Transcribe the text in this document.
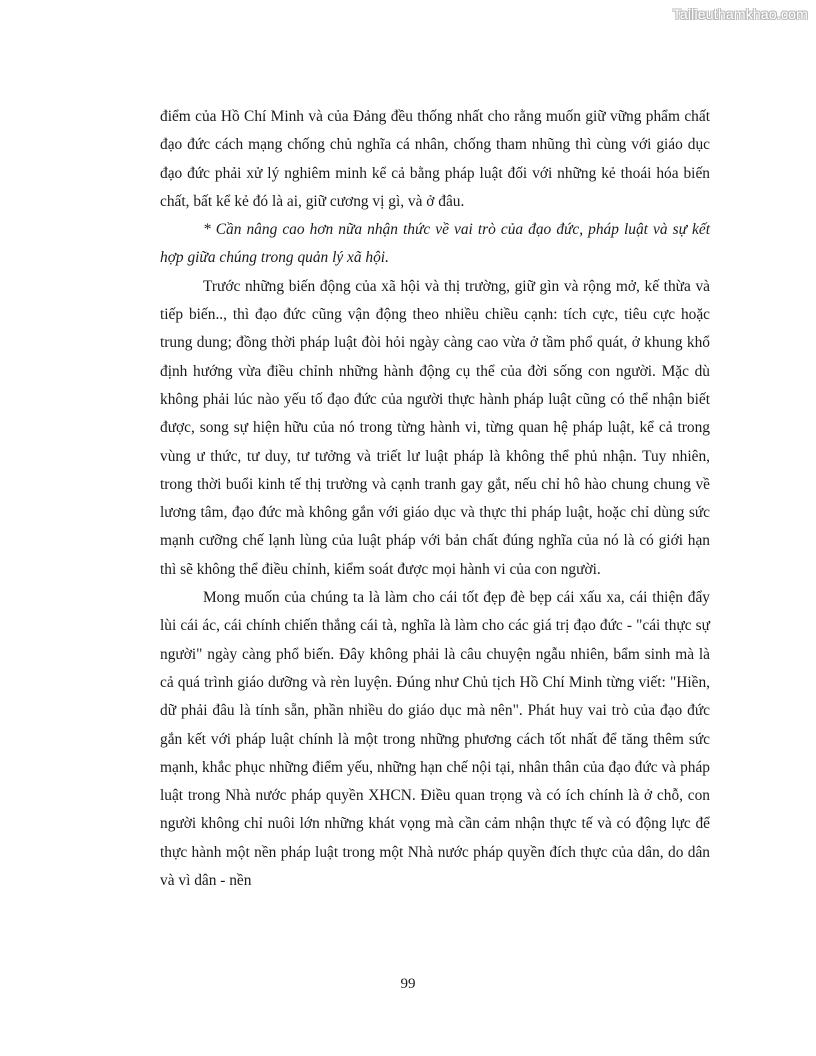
Tailieuthamkhao.com

điểm của Hồ Chí Minh và của Đảng đều thống nhất cho rằng muốn giữ vững phẩm chất đạo đức cách mạng chống chủ nghĩa cá nhân, chống tham nhũng thì cùng với giáo dục đạo đức phải xử lý nghiêm minh kể cả bằng pháp luật đối với những kẻ thoái hóa biến chất, bất kể kẻ đó là ai, giữ cương vị gì, và ở đâu.

* Cần nâng cao hơn nữa nhận thức về vai trò của đạo đức, pháp luật và sự kết hợp giữa chúng trong quản lý xã hội.

Trước những biến động của xã hội và thị trường, giữ gìn và rộng mở, kế thừa và tiếp biến.., thì đạo đức cũng vận động theo nhiều chiều cạnh: tích cực, tiêu cực hoặc trung dung; đồng thời pháp luật đòi hỏi ngày càng cao vừa ở tầm phổ quát, ở khung khổ định hướng vừa điều chỉnh những hành động cụ thể của đời sống con người. Mặc dù không phải lúc nào yếu tố đạo đức của người thực hành pháp luật cũng có thể nhận biết được, song sự hiện hữu của nó trong từng hành vi, từng quan hệ pháp luật, kể cả trong vùng ư thức, tư duy, tư tưởng và triết lư luật pháp là không thể phủ nhận. Tuy nhiên, trong thời buổi kinh tế thị trường và cạnh tranh gay gắt, nếu chỉ hô hào chung chung về lương tâm, đạo đức mà không gắn với giáo dục và thực thi pháp luật, hoặc chỉ dùng sức mạnh cưỡng chế lạnh lùng của luật pháp với bản chất đúng nghĩa của nó là có giới hạn thì sẽ không thể điều chỉnh, kiểm soát được mọi hành vi của con người.

Mong muốn của chúng ta là làm cho cái tốt đẹp đè bẹp cái xấu xa, cái thiện đẩy lùi cái ác, cái chính chiến thắng cái tà, nghĩa là làm cho các giá trị đạo đức - "cái thực sự người" ngày càng phổ biến. Đây không phải là câu chuyện ngẫu nhiên, bẩm sinh mà là cả quá trình giáo dưỡng và rèn luyện. Đúng như Chủ tịch Hồ Chí Minh từng viết: "Hiền, dữ phải đâu là tính sẵn, phần nhiều do giáo dục mà nên". Phát huy vai trò của đạo đức gắn kết với pháp luật chính là một trong những phương cách tốt nhất để tăng thêm sức mạnh, khắc phục những điểm yếu, những hạn chế nội tại, nhân thân của đạo đức và pháp luật trong Nhà nước pháp quyền XHCN. Điều quan trọng và có ích chính là ở chỗ, con người không chỉ nuôi lớn những khát vọng mà cần cảm nhận thực tế và có động lực để thực hành một nền pháp luật trong một Nhà nước pháp quyền đích thực của dân, do dân và vì dân - nền

99
